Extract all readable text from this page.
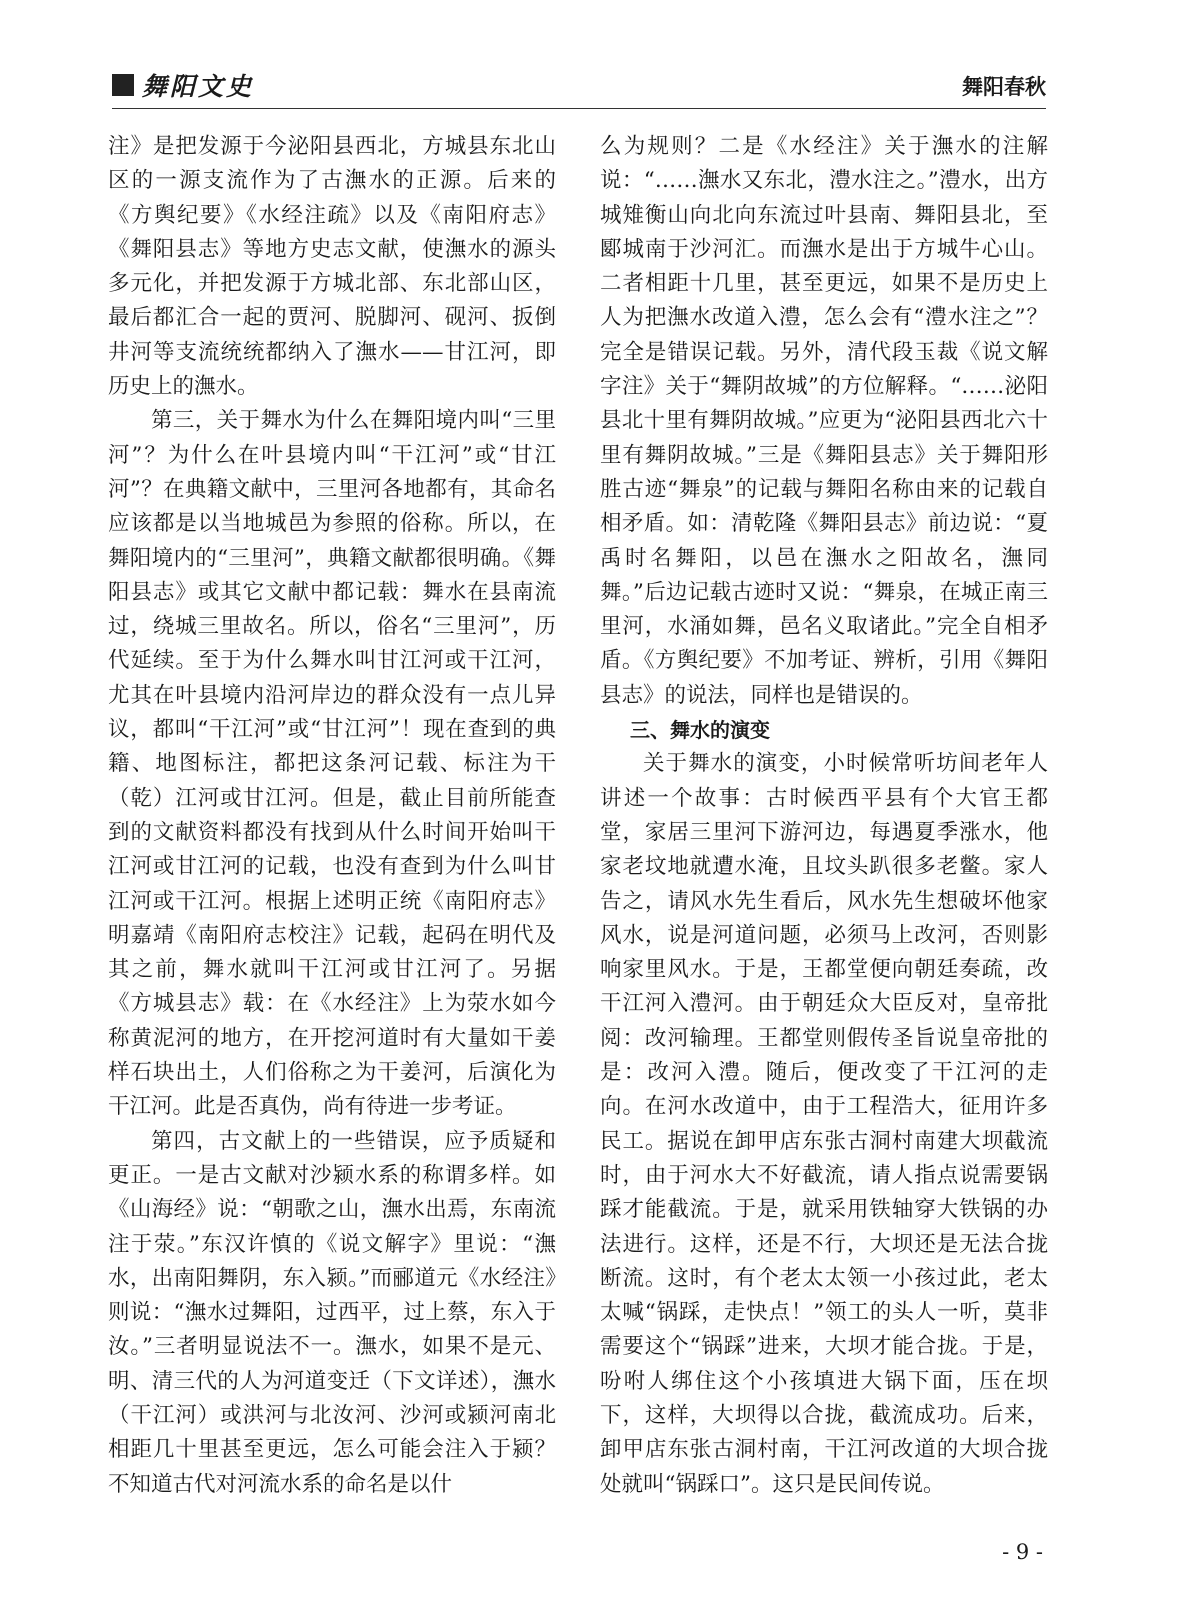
舞阳文史	舞阳春秋

注》是把发源于今泌阳县西北，方城县东北山区的一源支流作为了古潕水的正源。后来的《方舆纪要》《水经注疏》以及《南阳府志》《舞阳县志》等地方史志文献，使潕水的源头多元化，并把发源于方城北部、东北部山区，最后都汇合一起的贾河、脱脚河、砚河、扳倒井河等支流统统都纳入了潕水——甘江河，即历史上的潕水。

第三，关于舞水为什么在舞阳境内叫“三里河”？为什么在叶县境内叫“干江河”或“甘江河”？在典籍文献中，三里河各地都有，其命名应该都是以当地城邑为参照的俗称。所以，在舞阳境内的“三里河”，典籍文献都很明确。《舞阳县志》或其它文献中都记载：舞水在县南流过，绕城三里故名。所以，俗名“三里河”，历代延续。至于为什么舞水叫甘江河或干江河，尤其在叶县境内沿河岸边的群众没有一点儿异议，都叫“干江河”或“甘江河”！现在查到的典籍、地图标注，都把这条河记载、标注为干（乾）江河或甘江河。但是，截止目前所能查到的文献资料都没有找到从什么时间开始叫干江河或甘江河的记载，也没有查到为什么叫甘江河或干江河。根据上述明正统《南阳府志》明嘉靖《南阳府志校注》记载，起码在明代及其之前，舞水就叫干江河或甘江河了。另据《方城县志》载：在《水经注》上为荥水如今称黄泥河的地方，在开挖河道时有大量如干姜样石块出土，人们俗称之为干姜河，后演化为干江河。此是否真伪，尚有待进一步考证。

第四，古文献上的一些错误，应予质疑和更正。一是古文献对沙颍水系的称谓多样。如《山海经》说：“朝歌之山，潕水出焉，东南流注于荥。”东汉许慎的《说文解字》里说：“潕水，出南阳舞阴，东入颍。”而郦道元《水经注》则说：“潕水过舞阳，过西平，过上蔡，东入于汝。”三者明显说法不一。潕水，如果不是元、明、清三代的人为河道变迁（下文详述），潕水（干江河）或洪河与北汝河、沙河或颍河南北相距几十里甚至更远，怎么可能会注入于颍？不知道古代对河流水系的命名是以什

么为规则？二是《水经注》关于潕水的注解说：“……潕水又东北，澧水注之。”澧水，出方城雉衡山向北向东流过叶县南、舞阳县北，至郾城南于沙河汇。而潕水是出于方城牛心山。二者相距十几里，甚至更远，如果不是历史上人为把潕水改道入澧，怎么会有“澧水注之”？完全是错误记载。另外，清代段玉裁《说文解字注》关于“舞阴故城”的方位解释。“……泌阳县北十里有舞阴故城。”应更为“泌阳县西北六十里有舞阴故城。”三是《舞阳县志》关于舞阳形胜古迹“舞泉”的记载与舞阳名称由来的记载自相矛盾。如：清乾隆《舞阳县志》前边说：“夏禹时名舞阳，以邑在潕水之阳故名，潕同舞。”后边记载古迹时又说：“舞泉，在城正南三里河，水涌如舞，邑名义取诸此。”完全自相矛盾。《方舆纪要》不加考证、辨析，引用《舞阳县志》的说法，同样也是错误的。

三、舞水的演变

关于舞水的演变，小时候常听坊间老年人讲述一个故事：古时候西平县有个大官王都堂，家居三里河下游河边，每遇夏季涨水，他家老坟地就遭水淹，且坟头趴很多老鳖。家人告之，请风水先生看后，风水先生想破坏他家风水，说是河道问题，必须马上改河，否则影响家里风水。于是，王都堂便向朝廷奏疏，改干江河入澧河。由于朝廷众大臣反对，皇帝批阅：改河输理。王都堂则假传圣旨说皇帝批的是：改河入澧。随后，便改变了干江河的走向。在河水改道中，由于工程浩大，征用许多民工。据说在卸甲店东张古洞村南建大坝截流时，由于河水大不好截流，请人指点说需要锅踩才能截流。于是，就采用铁轴穿大铁锅的办法进行。这样，还是不行，大坝还是无法合拢断流。这时，有个老太太领一小孩过此，老太太喊“锅踩，走快点！”领工的头人一听，莫非需要这个“锅踩”进来，大坝才能合拢。于是，吩咐人绑住这个小孩填进大锅下面，压在坝下，这样，大坝得以合拢，截流成功。后来，卸甲店东张古洞村南，干江河改道的大坝合拢处就叫“锅踩口”。这只是民间传说。

- 9 -
